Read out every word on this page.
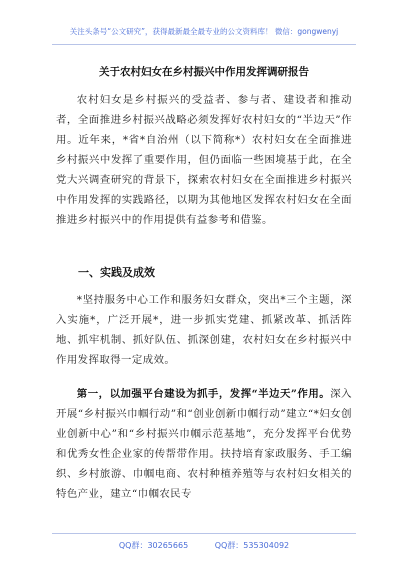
关注头条号“公文研究”，获得最新最全最专业的公文资料库！ 微信：gongwenyj
关于农村妇女在乡村振兴中作用发挥调研报告
农村妇女是乡村振兴的受益者、参与者、建设者和推动者，全面推进乡村振兴战略必须发挥好农村妇女的“半边天”作用。近年来，*省*自治州（以下简称*）农村妇女在全面推进乡村振兴中发挥了重要作用，但仍面临一些困境基于此，在全党大兴调查研究的背景下，探索农村妇女在全面推进乡村振兴中作用发挥的实践路径，以期为其他地区发挥农村妇女在全面推进乡村振兴中的作用提供有益参考和借鉴。
一、实践及成效
*坚持服务中心工作和服务妇女群众，突出*三个主题，深入实施*，广泛开展*，进一步抓实党建、抓紧改革、抓活阵地、抓牢机制、抓好队伍、抓深创建，农村妇女在乡村振兴中作用发挥取得一定成效。
第一，以加强平台建设为抓手，发挥“半边天”作用。深入开展“乡村振兴巾帼行动”和“创业创新巾帼行动”建立“*妇女创业创新中心”和“乡村振兴巾帼示范基地”，充分发挥平台优势和优秀女性企业家的传帮带作用。扶持培育家政服务、手工编织、乡村旅游、巾帼电商、农村种植养殖等与农村妇女相关的特色产业，建立“巾帼农民专
QQ群：30265665	QQ群：535304092
